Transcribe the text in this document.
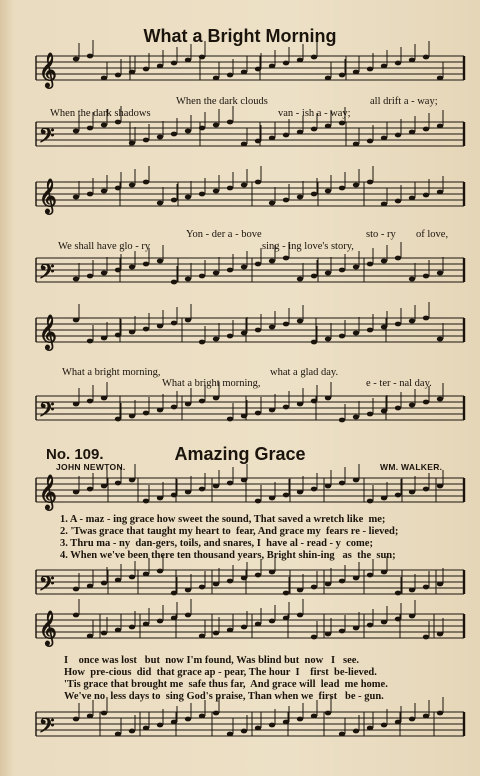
𝄞
𝄢
𝄞
𝄢
𝄞
𝄢
𝄞
𝄢
𝄞
𝄢
What a Bright Morning
When the dark clouds	all drift a - way;
When the dark shadows	van - ish a - way;
Yon - der a - bove	sto - ry of love,
We shall have glo - ry	sing - ing love's story,
What a bright morning,	what a glad day.
What a bright morning,	e - ter - nal day.
No. 109.	Amazing Grace
JOHN NEWTON.	WM. WALKER.
1. A - maz - ing grace how sweet the sound, That saved a wretch like  me;
2. 'Twas grace that taught my heart to  fear, And grace my  fears re - lieved;
3. Thru ma - ny  dan-gers, toils, and snares, I  have al - read - y  come;
4. When we've been there ten thousand years, Bright shin-ing   as  the  sun;
I    once was lost   but  now I'm found, Was blind but  now   I   see.
How  pre-cious  did  that grace ap - pear, The hour  I    first  be-lieved.
'Tis grace that brought me  safe thus far,  And grace will  lead  me home.
We've no  less days to  sing God's praise, Than when we  first   be - gun.
